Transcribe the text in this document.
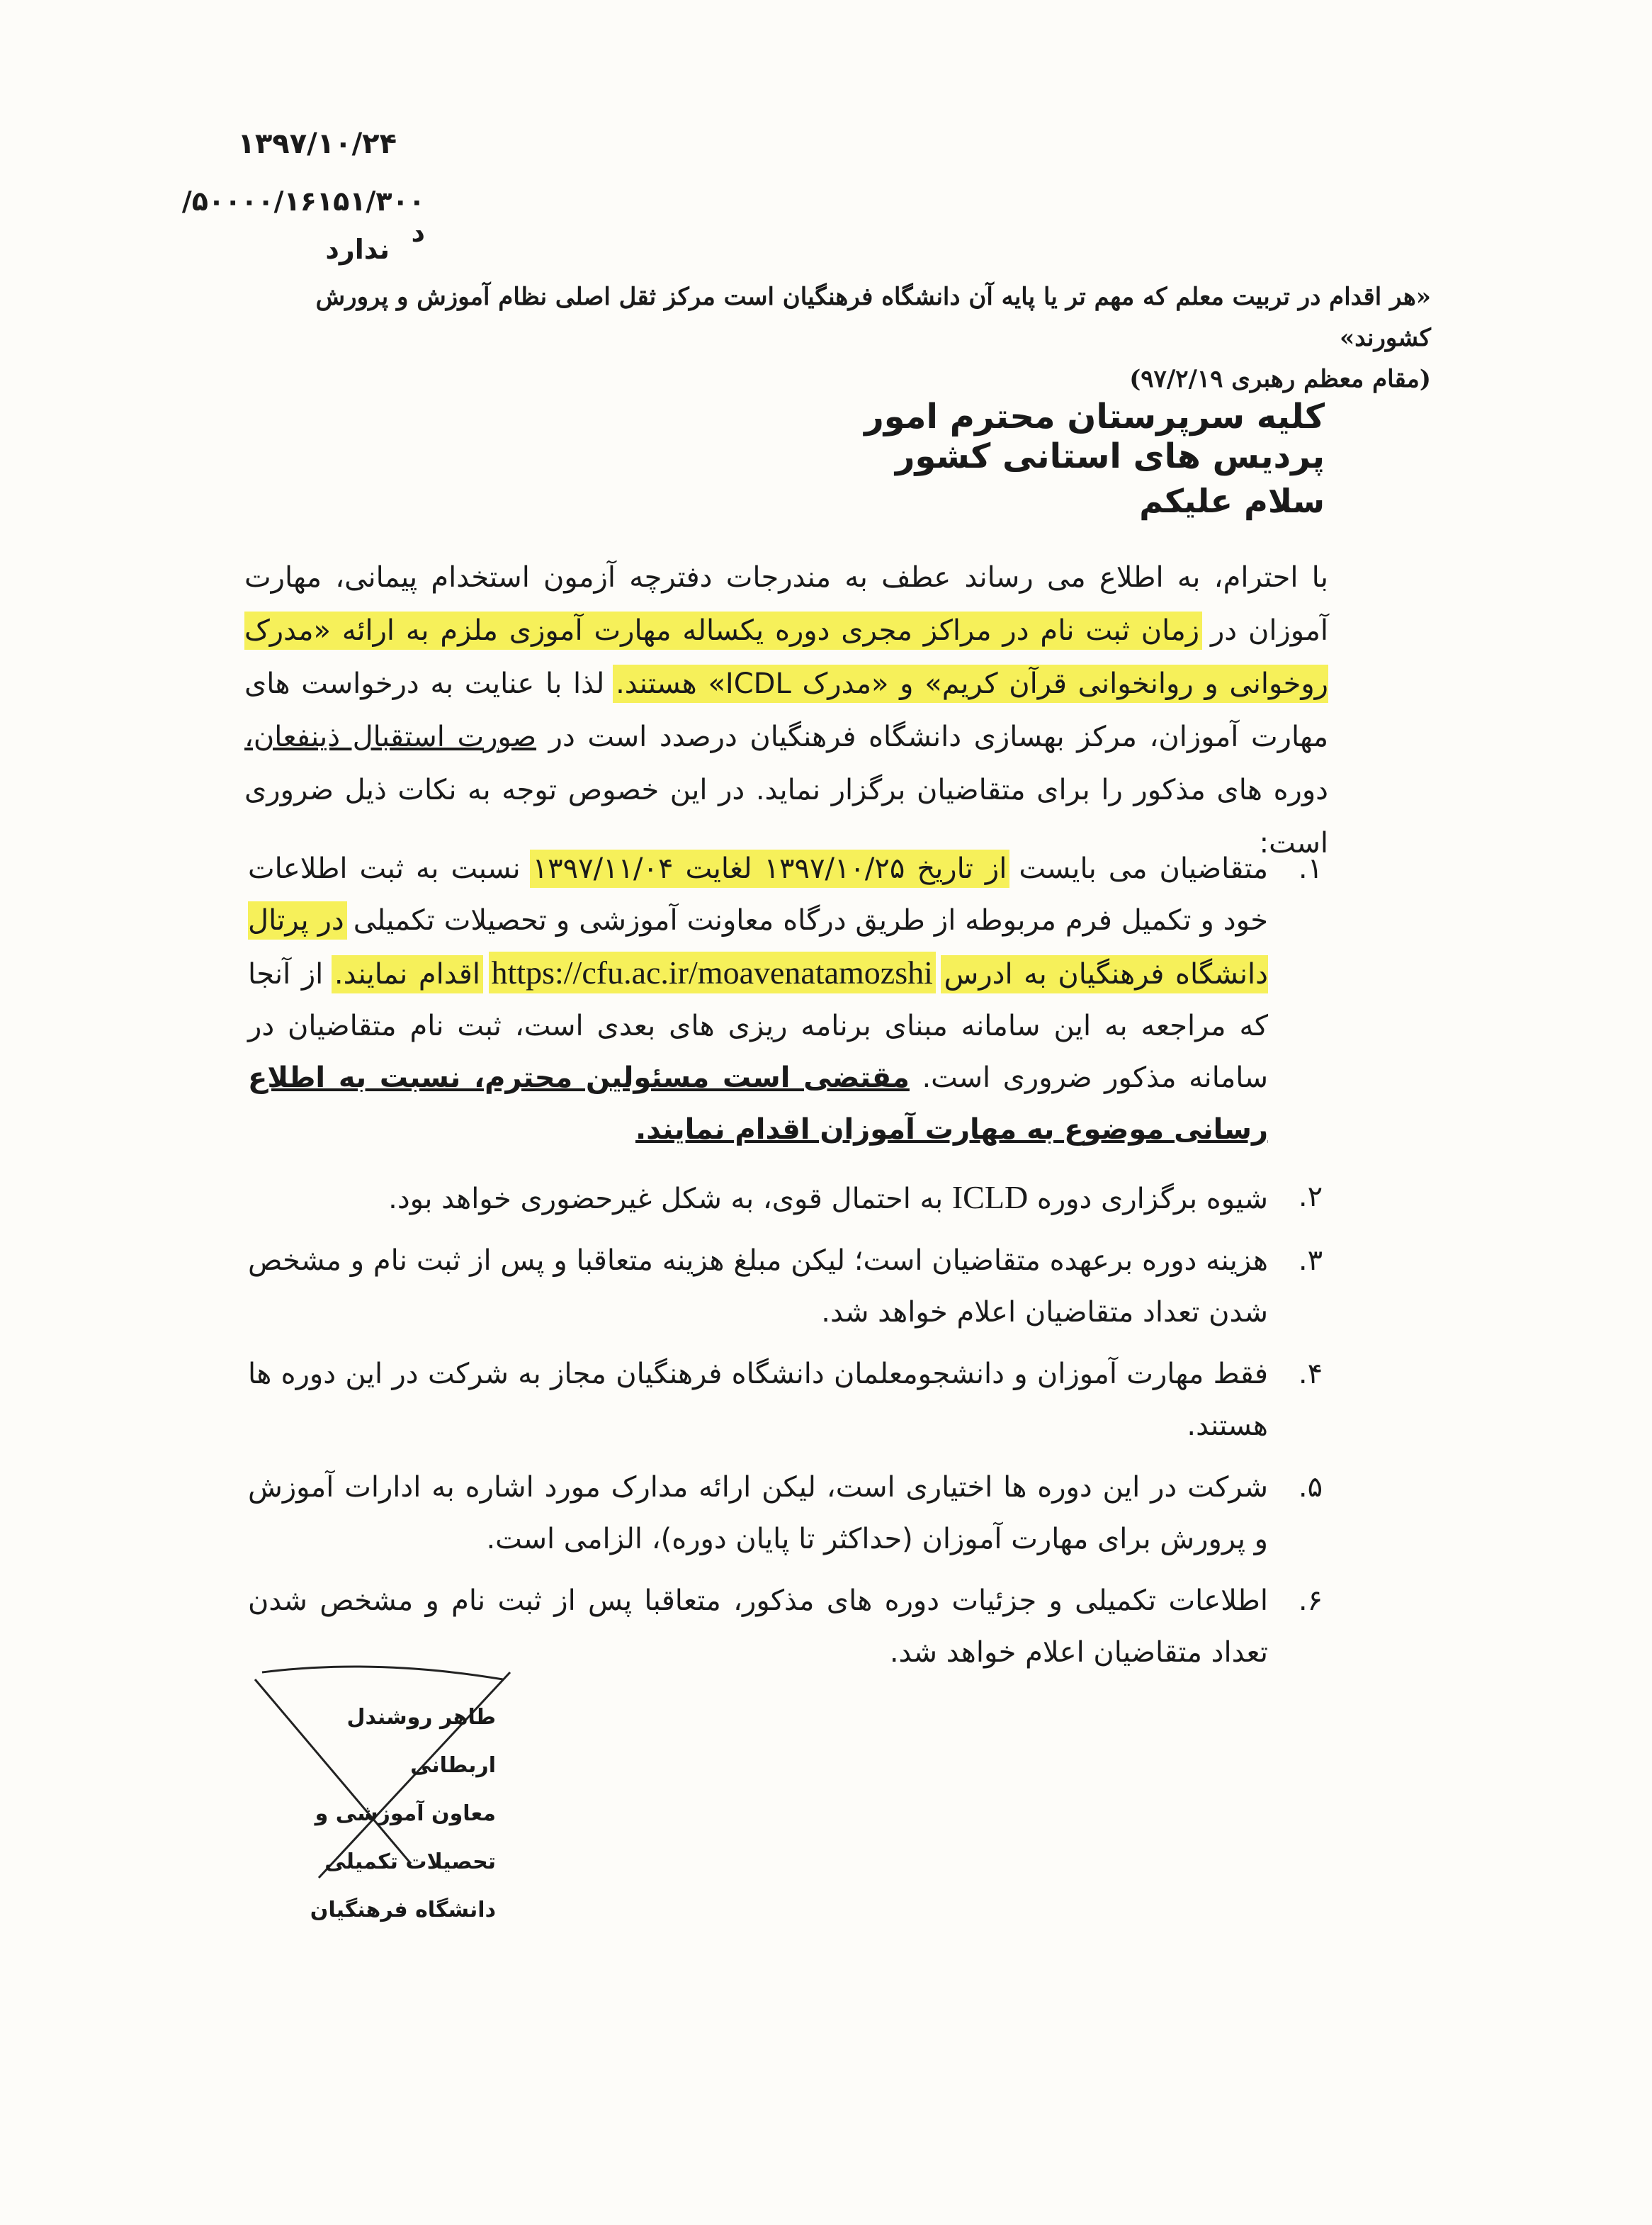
۱۳۹۷/۱۰/۲۴
۵۰۰۰۰/۱۶۱۵۱/۳۰۰/د
ندارد
«هر اقدام در تربیت معلم که مهم تر یا پایه آن دانشگاه فرهنگیان است مرکز ثقل اصلی نظام آموزش و پرورش کشورند»
(مقام معظم رهبری ۹۷/۲/۱۹)
کلیه سرپرستان محترم امور پردیس های استانی کشور
سلام علیکم
با احترام، به اطلاع می رساند عطف به مندرجات دفترچه آزمون استخدام پیمانی، مهارت آموزان در زمان ثبت نام در مراکز مجری دوره یکساله مهارت آموزی ملزم به ارائه «مدرک روخوانی و روانخوانی قرآن کریم» و «مدرک ICDL» هستند. لذا با عنایت به درخواست های مهارت آموزان، مرکز بهسازی دانشگاه فرهنگیان درصدد است در صورت استقبال ذینفعان، دوره های مذکور را برای متقاضیان برگزار نماید. در این خصوص توجه به نکات ذیل ضروری است:
۱.
متقاضیان می بایست از تاریخ ۱۳۹۷/۱۰/۲۵ لغایت ۱۳۹۷/۱۱/۰۴ نسبت به ثبت اطلاعات خود و تکمیل فرم مربوطه از طریق درگاه معاونت آموزشی و تحصیلات تکمیلی در پرتال دانشگاه فرهنگیان به ادرس https://cfu.ac.ir/moavenatamozshi اقدام نمایند. از آنجا که مراجعه به این سامانه مبنای برنامه ریزی های بعدی است، ثبت نام متقاضیان در سامانه مذکور ضروری است. مقتضی است مسئولین محترم، نسبت به اطلاع رسانی موضوع به مهارت آموزان اقدام نمایند.
۲.
شیوه برگزاری دوره ICLD به احتمال قوی، به شکل غیرحضوری خواهد بود.
۳.
هزینه دوره برعهده متقاضیان است؛ لیکن مبلغ هزینه متعاقبا و پس از ثبت نام و مشخص شدن تعداد متقاضیان اعلام خواهد شد.
۴.
فقط مهارت آموزان و دانشجومعلمان دانشگاه فرهنگیان مجاز به شرکت در این دوره ها هستند.
۵.
شرکت در این دوره ها اختیاری است، لیکن ارائه مدارک مورد اشاره به ادارات آموزش و پرورش برای مهارت آموزان (حداکثر تا پایان دوره)، الزامی است.
۶.
اطلاعات تکمیلی و جزئیات دوره های مذکور، متعاقبا پس از ثبت نام و مشخص شدن تعداد متقاضیان اعلام خواهد شد.
طاهر روشندل اربطانی
معاون آموزشی و تحصیلات تکمیلی
دانشگاه فرهنگیان
